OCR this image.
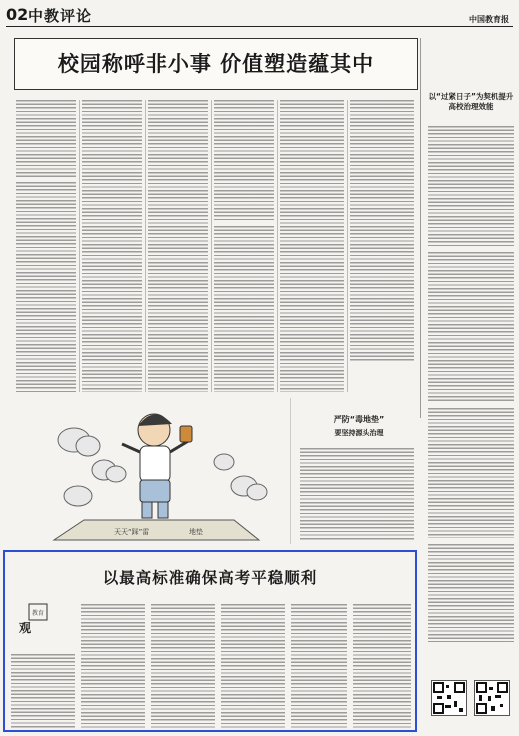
02 中教评论	中国教育报
校园称呼非小事 价值塑造蕴其中
以“过紧日子”为契机提升高校治理效能
天天“踩”雷	地垫
严防“毒地垫”
要坚持源头治理
以最高标准确保高考平稳顺利
教育
观
